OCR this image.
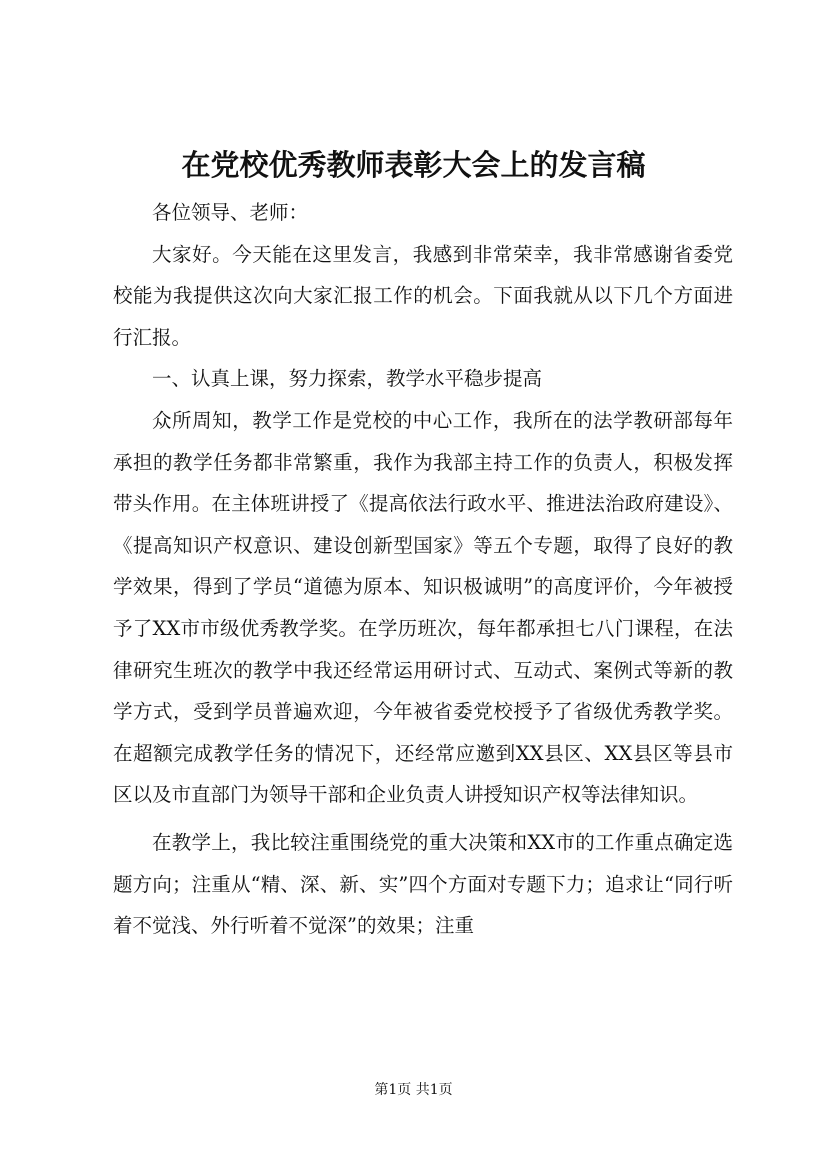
在党校优秀教师表彰大会上的发言稿

各位领导、老师：

大家好。今天能在这里发言，我感到非常荣幸，我非常感谢省委党校能为我提供这次向大家汇报工作的机会。下面我就从以下几个方面进行汇报。

一、认真上课，努力探索，教学水平稳步提高

众所周知，教学工作是党校的中心工作，我所在的法学教研部每年承担的教学任务都非常繁重，我作为我部主持工作的负责人，积极发挥带头作用。在主体班讲授了《提高依法行政水平、推进法治政府建设》、《提高知识产权意识、建设创新型国家》等五个专题，取得了良好的教学效果，得到了学员“道德为原本、知识极诚明”的高度评价，今年被授予了XX市市级优秀教学奖。在学历班次，每年都承担七八门课程，在法律研究生班次的教学中我还经常运用研讨式、互动式、案例式等新的教学方式，受到学员普遍欢迎，今年被省委党校授予了省级优秀教学奖。在超额完成教学任务的情况下，还经常应邀到XX县区、XX县区等县市区以及市直部门为领导干部和企业负责人讲授知识产权等法律知识。

在教学上，我比较注重围绕党的重大决策和XX市的工作重点确定选题方向；注重从“精、深、新、实”四个方面对专题下力；追求让“同行听着不觉浅、外行听着不觉深”的效果；注重

第1页 共1页
